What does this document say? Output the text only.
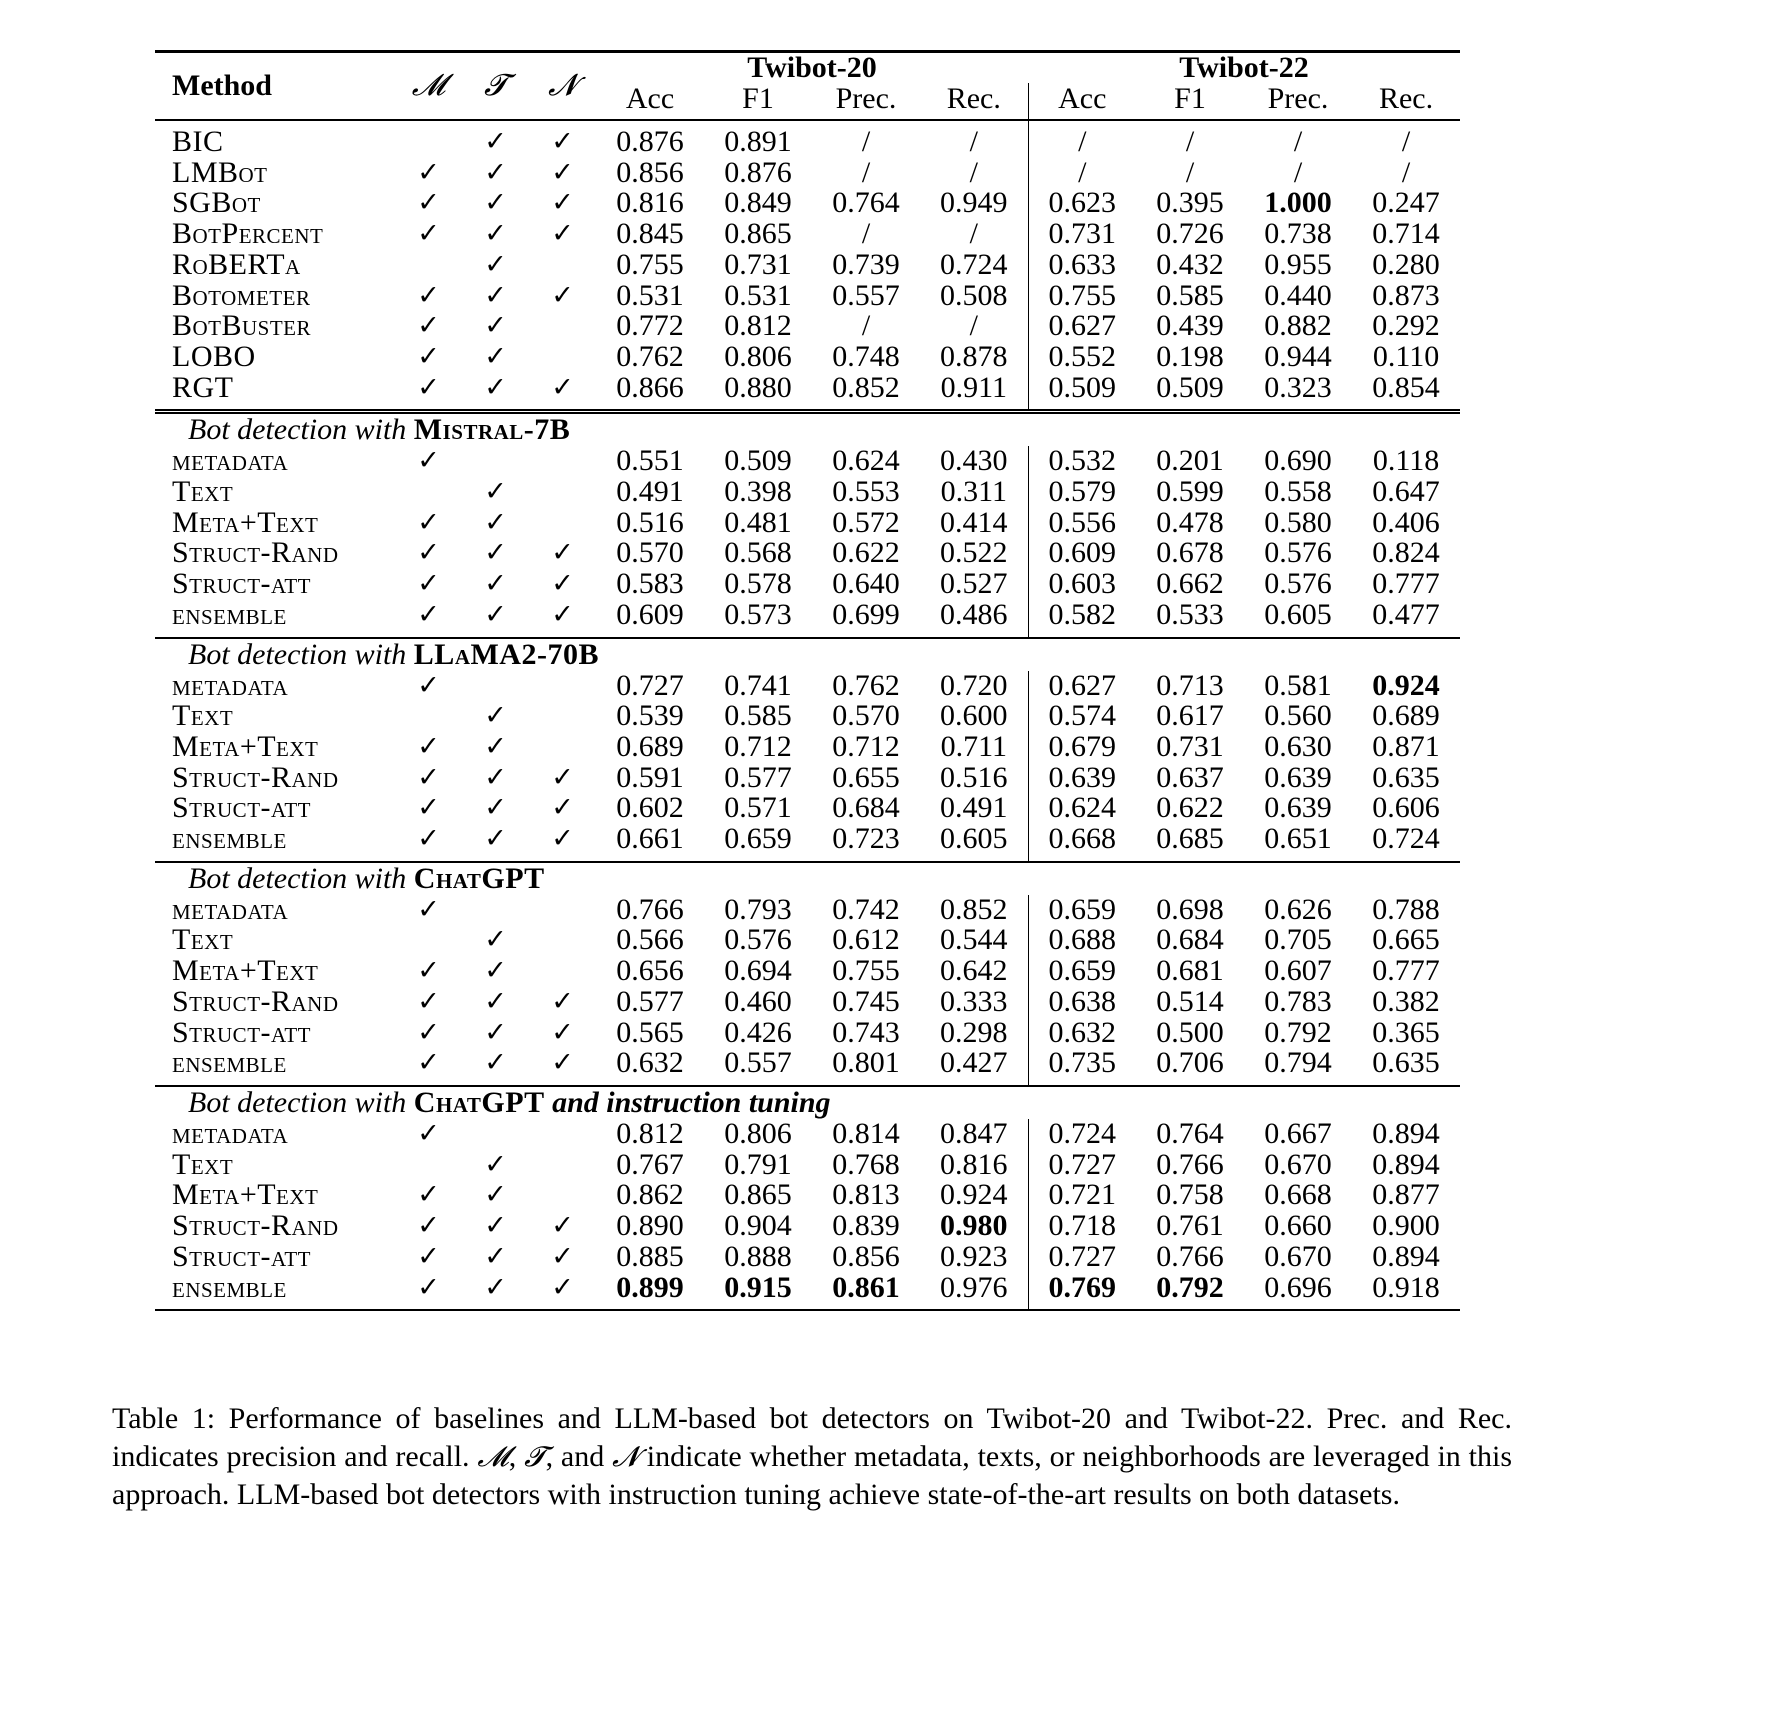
Method	𝓜	𝓣	𝓝	Twibot-20				Twibot-22			
				Acc	F1	Prec.	Rec.	Acc	F1	Prec.	Rec.
BIC		✓	✓	0.876	0.891	/	/	/	/	/	/
LMBot	✓	✓	✓	0.856	0.876	/	/	/	/	/	/
SGBot	✓	✓	✓	0.816	0.849	0.764	0.949	0.623	0.395	1.000	0.247
BotPercent	✓	✓	✓	0.845	0.865	/	/	0.731	0.726	0.738	0.714
RoBERTa		✓		0.755	0.731	0.739	0.724	0.633	0.432	0.955	0.280
Botometer	✓	✓	✓	0.531	0.531	0.557	0.508	0.755	0.585	0.440	0.873
BotBuster	✓	✓		0.772	0.812	/	/	0.627	0.439	0.882	0.292
LOBO	✓	✓		0.762	0.806	0.748	0.878	0.552	0.198	0.944	0.110
RGT	✓	✓	✓	0.866	0.880	0.852	0.911	0.509	0.509	0.323	0.854
Bot detection with Mistral-7B											
metadata	✓			0.551	0.509	0.624	0.430	0.532	0.201	0.690	0.118
Text		✓		0.491	0.398	0.553	0.311	0.579	0.599	0.558	0.647
Meta+Text	✓	✓		0.516	0.481	0.572	0.414	0.556	0.478	0.580	0.406
Struct-Rand	✓	✓	✓	0.570	0.568	0.622	0.522	0.609	0.678	0.576	0.824
Struct-att	✓	✓	✓	0.583	0.578	0.640	0.527	0.603	0.662	0.576	0.777
ensemble	✓	✓	✓	0.609	0.573	0.699	0.486	0.582	0.533	0.605	0.477
Bot detection with LLaMA2-70B											
metadata	✓			0.727	0.741	0.762	0.720	0.627	0.713	0.581	0.924
Text		✓		0.539	0.585	0.570	0.600	0.574	0.617	0.560	0.689
Meta+Text	✓	✓		0.689	0.712	0.712	0.711	0.679	0.731	0.630	0.871
Struct-Rand	✓	✓	✓	0.591	0.577	0.655	0.516	0.639	0.637	0.639	0.635
Struct-att	✓	✓	✓	0.602	0.571	0.684	0.491	0.624	0.622	0.639	0.606
ensemble	✓	✓	✓	0.661	0.659	0.723	0.605	0.668	0.685	0.651	0.724
Bot detection with ChatGPT											
metadata	✓			0.766	0.793	0.742	0.852	0.659	0.698	0.626	0.788
Text		✓		0.566	0.576	0.612	0.544	0.688	0.684	0.705	0.665
Meta+Text	✓	✓		0.656	0.694	0.755	0.642	0.659	0.681	0.607	0.777
Struct-Rand	✓	✓	✓	0.577	0.460	0.745	0.333	0.638	0.514	0.783	0.382
Struct-att	✓	✓	✓	0.565	0.426	0.743	0.298	0.632	0.500	0.792	0.365
ensemble	✓	✓	✓	0.632	0.557	0.801	0.427	0.735	0.706	0.794	0.635
Bot detection with ChatGPT and instruction tuning											
metadata	✓			0.812	0.806	0.814	0.847	0.724	0.764	0.667	0.894
Text		✓		0.767	0.791	0.768	0.816	0.727	0.766	0.670	0.894
Meta+Text	✓	✓		0.862	0.865	0.813	0.924	0.721	0.758	0.668	0.877
Struct-Rand	✓	✓	✓	0.890	0.904	0.839	0.980	0.718	0.761	0.660	0.900
Struct-att	✓	✓	✓	0.885	0.888	0.856	0.923	0.727	0.766	0.670	0.894
ensemble	✓	✓	✓	0.899	0.915	0.861	0.976	0.769	0.792	0.696	0.918
Table 1: Performance of baselines and LLM-based bot detectors on Twibot-20 and Twibot-22. Prec. and Rec. indicates precision and recall. 𝓜, 𝓣, and 𝓝 indicate whether metadata, texts, or neighborhoods are leveraged in this approach. LLM-based bot detectors with instruction tuning achieve state-of-the-art results on both datasets.
